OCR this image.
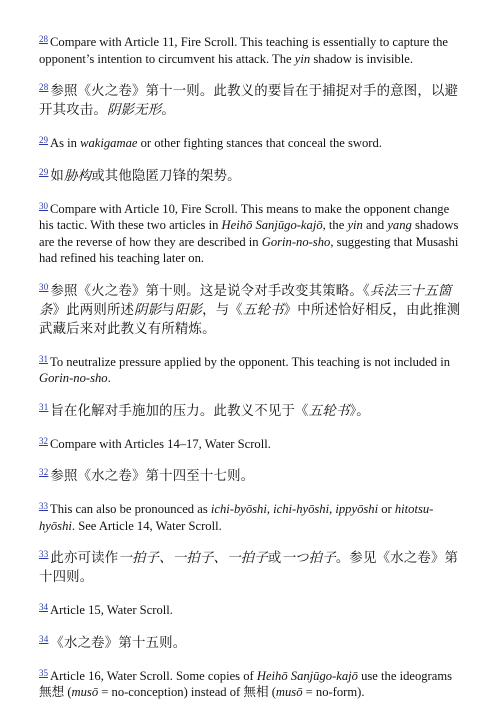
$^{28}$ Compare with Article 11, Fire Scroll. This teaching is essentially to capture the opponent’s intention to circumvent his attack. The yin shadow is invisible.

$^{28}$ 参照《火之卷》第十一则。此教义的要旨在于捕捉对手的意图，以避开其攻击。阴影无形。

$^{29}$ As in wakigamae or other fighting stances that conceal the sword.

$^{29}$ 如胁构或其他隐匿刀锋的架势。

$^{30}$ Compare with Article 10, Fire Scroll. This means to make the opponent change his tactic. With these two articles in Heihō Sanjūgo-kajō, the yin and yang shadows are the reverse of how they are described in Gorin-no-sho, suggesting that Musashi had refined his teaching later on.

$^{30}$ 参照《火之卷》第十则。这是说令对手改变其策略。《兵法三十五箇条》此两则所述阴影与阳影，与《五轮书》中所述恰好相反，由此推测武藏后来对此教义有所精炼。

$^{31}$ To neutralize pressure applied by the opponent. This teaching is not included in Gorin-no-sho.

$^{31}$ 旨在化解对手施加的压力。此教义不见于《五轮书》。

$^{32}$ Compare with Articles 14–17, Water Scroll.

$^{32}$ 参照《水之卷》第十四至十七则。

$^{33}$ This can also be pronounced as ichi-byōshi, ichi-hyōshi, ippyōshi or hitotsu-hyōshi. See Article 14, Water Scroll.

$^{33}$ 此亦可读作一拍子、一拍子、一拍子或一つ拍子。参见《水之卷》第十四则。

$^{34}$ Article 15, Water Scroll.

$^{34}$ 《水之卷》第十五则。

$^{35}$ Article 16, Water Scroll. Some copies of Heihō Sanjūgo-kajō use the ideograms 無想 (musō = no-conception) instead of 無相 (musō = no-form).
